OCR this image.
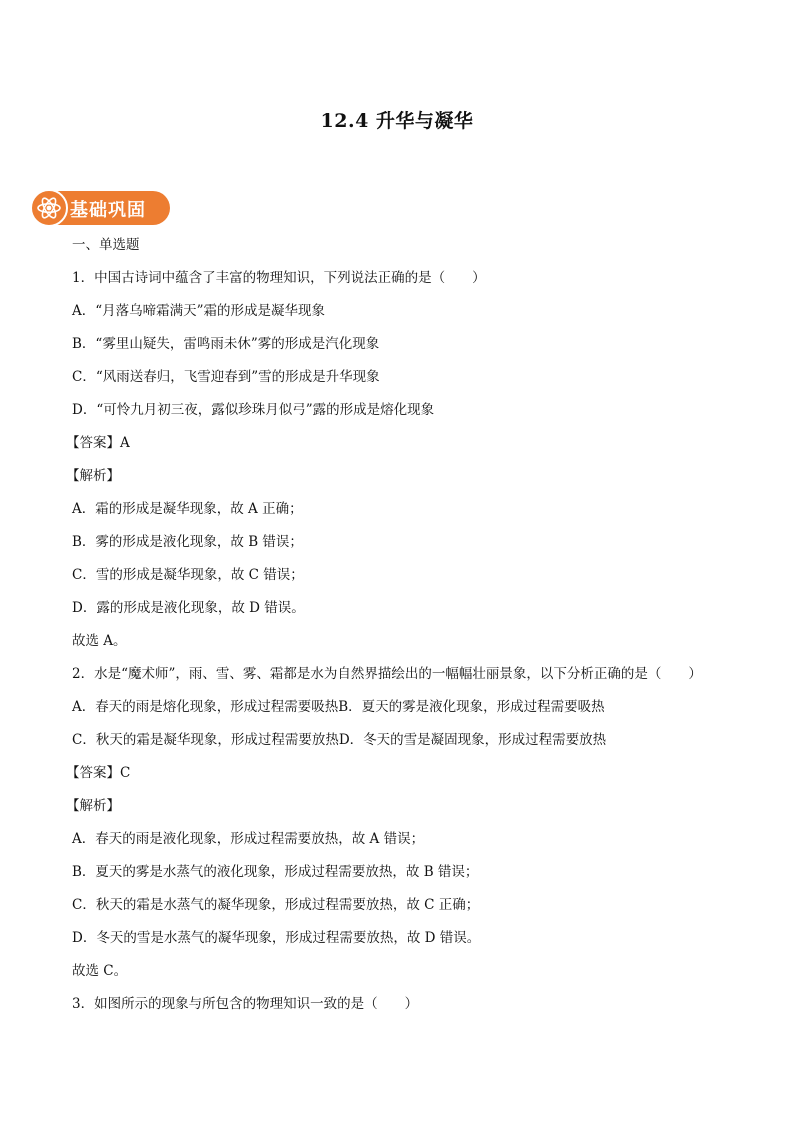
12.4 升华与凝华
基础巩固
一、单选题
1．中国古诗词中蕴含了丰富的物理知识，下列说法正确的是（　　）
A．“月落乌啼霜满天”霜的形成是凝华现象
B．“雾里山疑失，雷鸣雨未休”雾的形成是汽化现象
C．“风雨送春归，飞雪迎春到”雪的形成是升华现象
D．“可怜九月初三夜，露似珍珠月似弓”露的形成是熔化现象
【答案】A
【解析】
A．霜的形成是凝华现象，故 A 正确；
B．雾的形成是液化现象，故 B 错误；
C．雪的形成是凝华现象，故 C 错误；
D．露的形成是液化现象，故 D 错误。
故选 A。
2．水是“魔术师”，雨、雪、雾、霜都是水为自然界描绘出的一幅幅壮丽景象，以下分析正确的是（　　）
A．春天的雨是熔化现象，形成过程需要吸热B．夏天的雾是液化现象，形成过程需要吸热
C．秋天的霜是凝华现象，形成过程需要放热D．冬天的雪是凝固现象，形成过程需要放热
【答案】C
【解析】
A．春天的雨是液化现象，形成过程需要放热，故 A 错误；
B．夏天的雾是水蒸气的液化现象，形成过程需要放热，故 B 错误；
C．秋天的霜是水蒸气的凝华现象，形成过程需要放热，故 C 正确；
D．冬天的雪是水蒸气的凝华现象，形成过程需要放热，故 D 错误。
故选 C。
3．如图所示的现象与所包含的物理知识一致的是（　　）
